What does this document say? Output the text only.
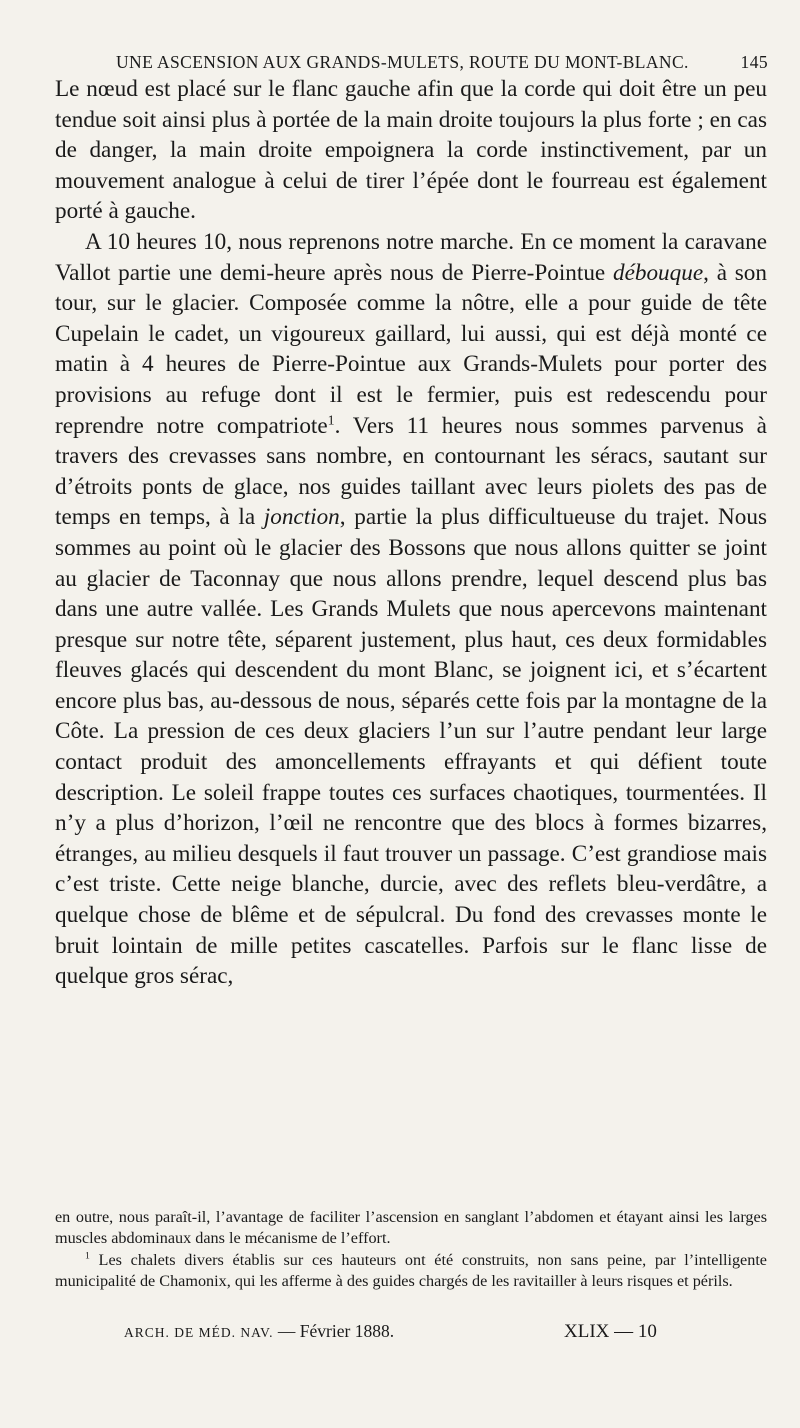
UNE ASCENSION AUX GRANDS-MULETS, ROUTE DU MONT-BLANC.	145

Le nœud est placé sur le flanc gauche afin que la corde qui doit être un peu tendue soit ainsi plus à portée de la main droite toujours la plus forte ; en cas de danger, la main droite empoignera la corde instinctivement, par un mouvement analogue à celui de tirer l’épée dont le fourreau est également porté à gauche.

A 10 heures 10, nous reprenons notre marche. En ce moment la caravane Vallot partie une demi-heure après nous de Pierre-Pointue débouque, à son tour, sur le glacier. Composée comme la nôtre, elle a pour guide de tête Cupelain le cadet, un vigoureux gaillard, lui aussi, qui est déjà monté ce matin à 4 heures de Pierre-Pointue aux Grands-Mulets pour porter des provisions au refuge dont il est le fermier, puis est redescendu pour reprendre notre compatriote$^1$. Vers 11 heures nous sommes parvenus à travers des crevasses sans nombre, en contournant les séracs, sautant sur d’étroits ponts de glace, nos guides taillant avec leurs piolets des pas de temps en temps, à la jonction, partie la plus difficultueuse du trajet. Nous sommes au point où le glacier des Bossons que nous allons quitter se joint au glacier de Taconnay que nous allons prendre, lequel descend plus bas dans une autre vallée. Les Grands Mulets que nous apercevons maintenant presque sur notre tête, séparent justement, plus haut, ces deux formidables fleuves glacés qui descendent du mont Blanc, se joignent ici, et s’écartent encore plus bas, au-dessous de nous, séparés cette fois par la montagne de la Côte. La pression de ces deux glaciers l’un sur l’autre pendant leur large contact produit des amoncellements effrayants et qui défient toute description. Le soleil frappe toutes ces surfaces chaotiques, tourmentées. Il n’y a plus d’horizon, l’œil ne rencontre que des blocs à formes bizarres, étranges, au milieu desquels il faut trouver un passage. C’est grandiose mais c’est triste. Cette neige blanche, durcie, avec des reflets bleu-verdâtre, a quelque chose de blême et de sépulcral. Du fond des crevasses monte le bruit lointain de mille petites cascatelles. Parfois sur le flanc lisse de quelque gros sérac,

en outre, nous paraît-il, l’avantage de faciliter l’ascension en sanglant l’abdomen et étayant ainsi les larges muscles abdominaux dans le mécanisme de l’effort.

$^1$ Les chalets divers établis sur ces hauteurs ont été construits, non sans peine, par l’intelligente municipalité de Chamonix, qui les afferme à des guides chargés de les ravitailler à leurs risques et périls.

ARCH. DE MÉD. NAV. — Février 1888.	XLIX — 10
